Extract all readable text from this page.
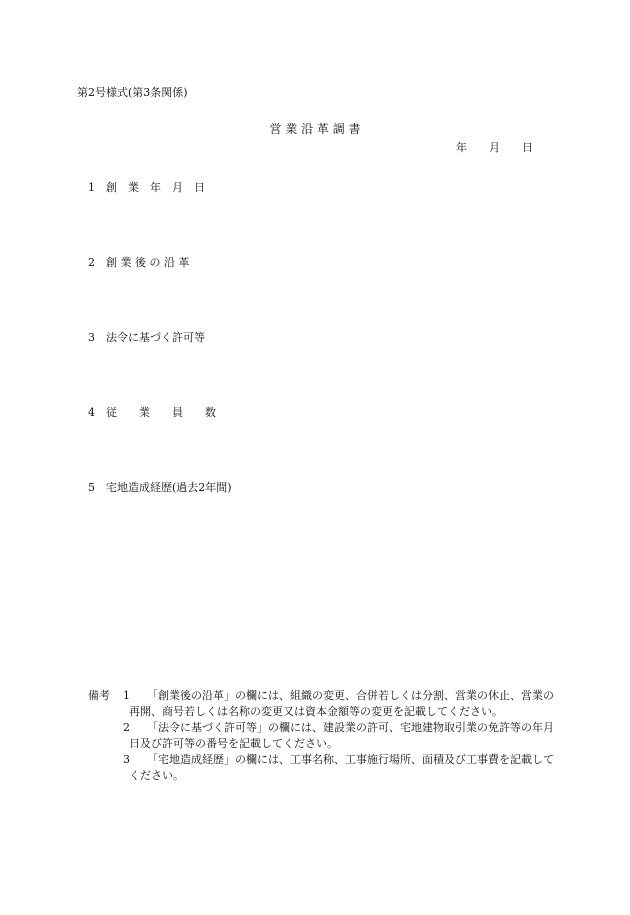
第2号様式(第3条関係)
営 業 沿 革 調 書
年　　月　　日
1 創　業　年　月　日
2 創 業 後 の 沿 革
3 法令に基づく許可等
4 従　　業　　員　　数
5 宅地造成経歴(過去2年間)
備考 1	「創業後の沿革」の欄には、組織の変更、合併若しくは分割、営業の休止、営業の再開、商号若しくは名称の変更又は資本金額等の変更を記載してください。
2	「法令に基づく許可等」の欄には、建設業の許可、宅地建物取引業の免許等の年月日及び許可等の番号を記載してください。
3	「宅地造成経歴」の欄には、工事名称、工事施行場所、面積及び工事費を記載してください。
